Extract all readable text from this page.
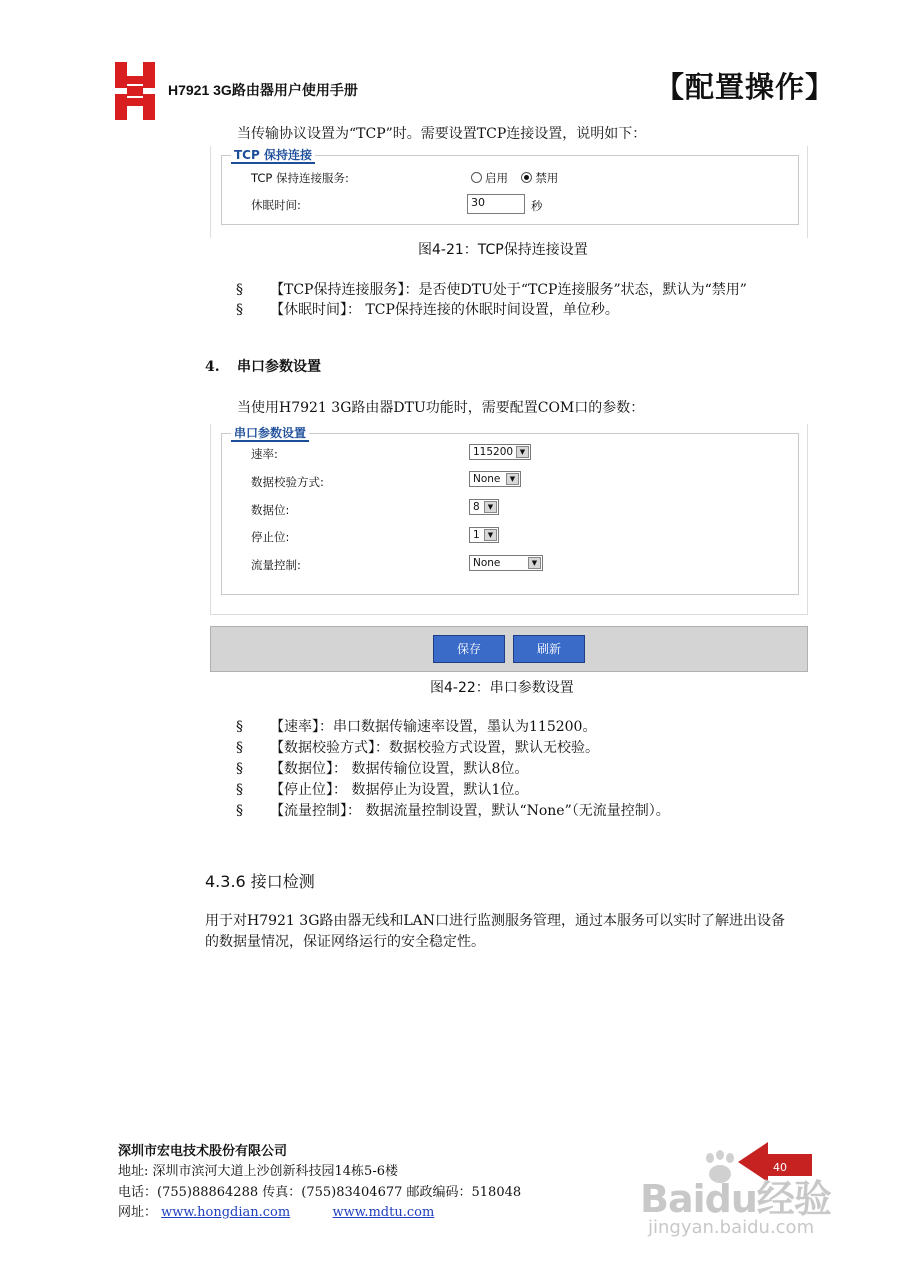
H7921 3G路由器用户使用手册	【配置操作】
当传输协议设置为“TCP”时。需要设置TCP连接设置，说明如下：
TCP 保持连接
TCP 保持连接服务:	启用 禁用
休眠时间:	30	秒
图4-21：TCP保持连接设置
§ 【TCP保持连接服务】：是否使DTU处于“TCP连接服务”状态，默认为“禁用”
§ 【休眠时间】： TCP保持连接的休眠时间设置，单位秒。
4. 串口参数设置
当使用H7921 3G路由器DTU功能时，需要配置COM口的参数：
串口参数设置
速率:	115200 ▼
数据校验方式:	None	▼
数据位:	8	▼
停止位:	1	▼
流量控制:	None	▼
保存	刷新
图4-22：串口参数设置
§ 【速率】：串口数据传输速率设置，墨认为115200。
§ 【数据校验方式】：数据校验方式设置，默认无校验。
§ 【数据位】： 数据传输位设置，默认8位。
§ 【停止位】： 数据停止为设置，默认1位。
§ 【流量控制】： 数据流量控制设置，默认“None”（无流量控制）。
4.3.6 接口检测
用于对H7921 3G路由器无线和LAN口进行监测服务管理，通过本服务可以实时了解进出设备
的数据量情况，保证网络运行的安全稳定性。
深圳市宏电技术股份有限公司
地址: 深圳市滨河大道上沙创新科技园14栋5-6楼
电话：(755)88864288 传真：(755)83404677 邮政编码：518048
网址： www.hongdian.com	www.mdtu.com
40
Baidu经验
jingyan.baidu.com
